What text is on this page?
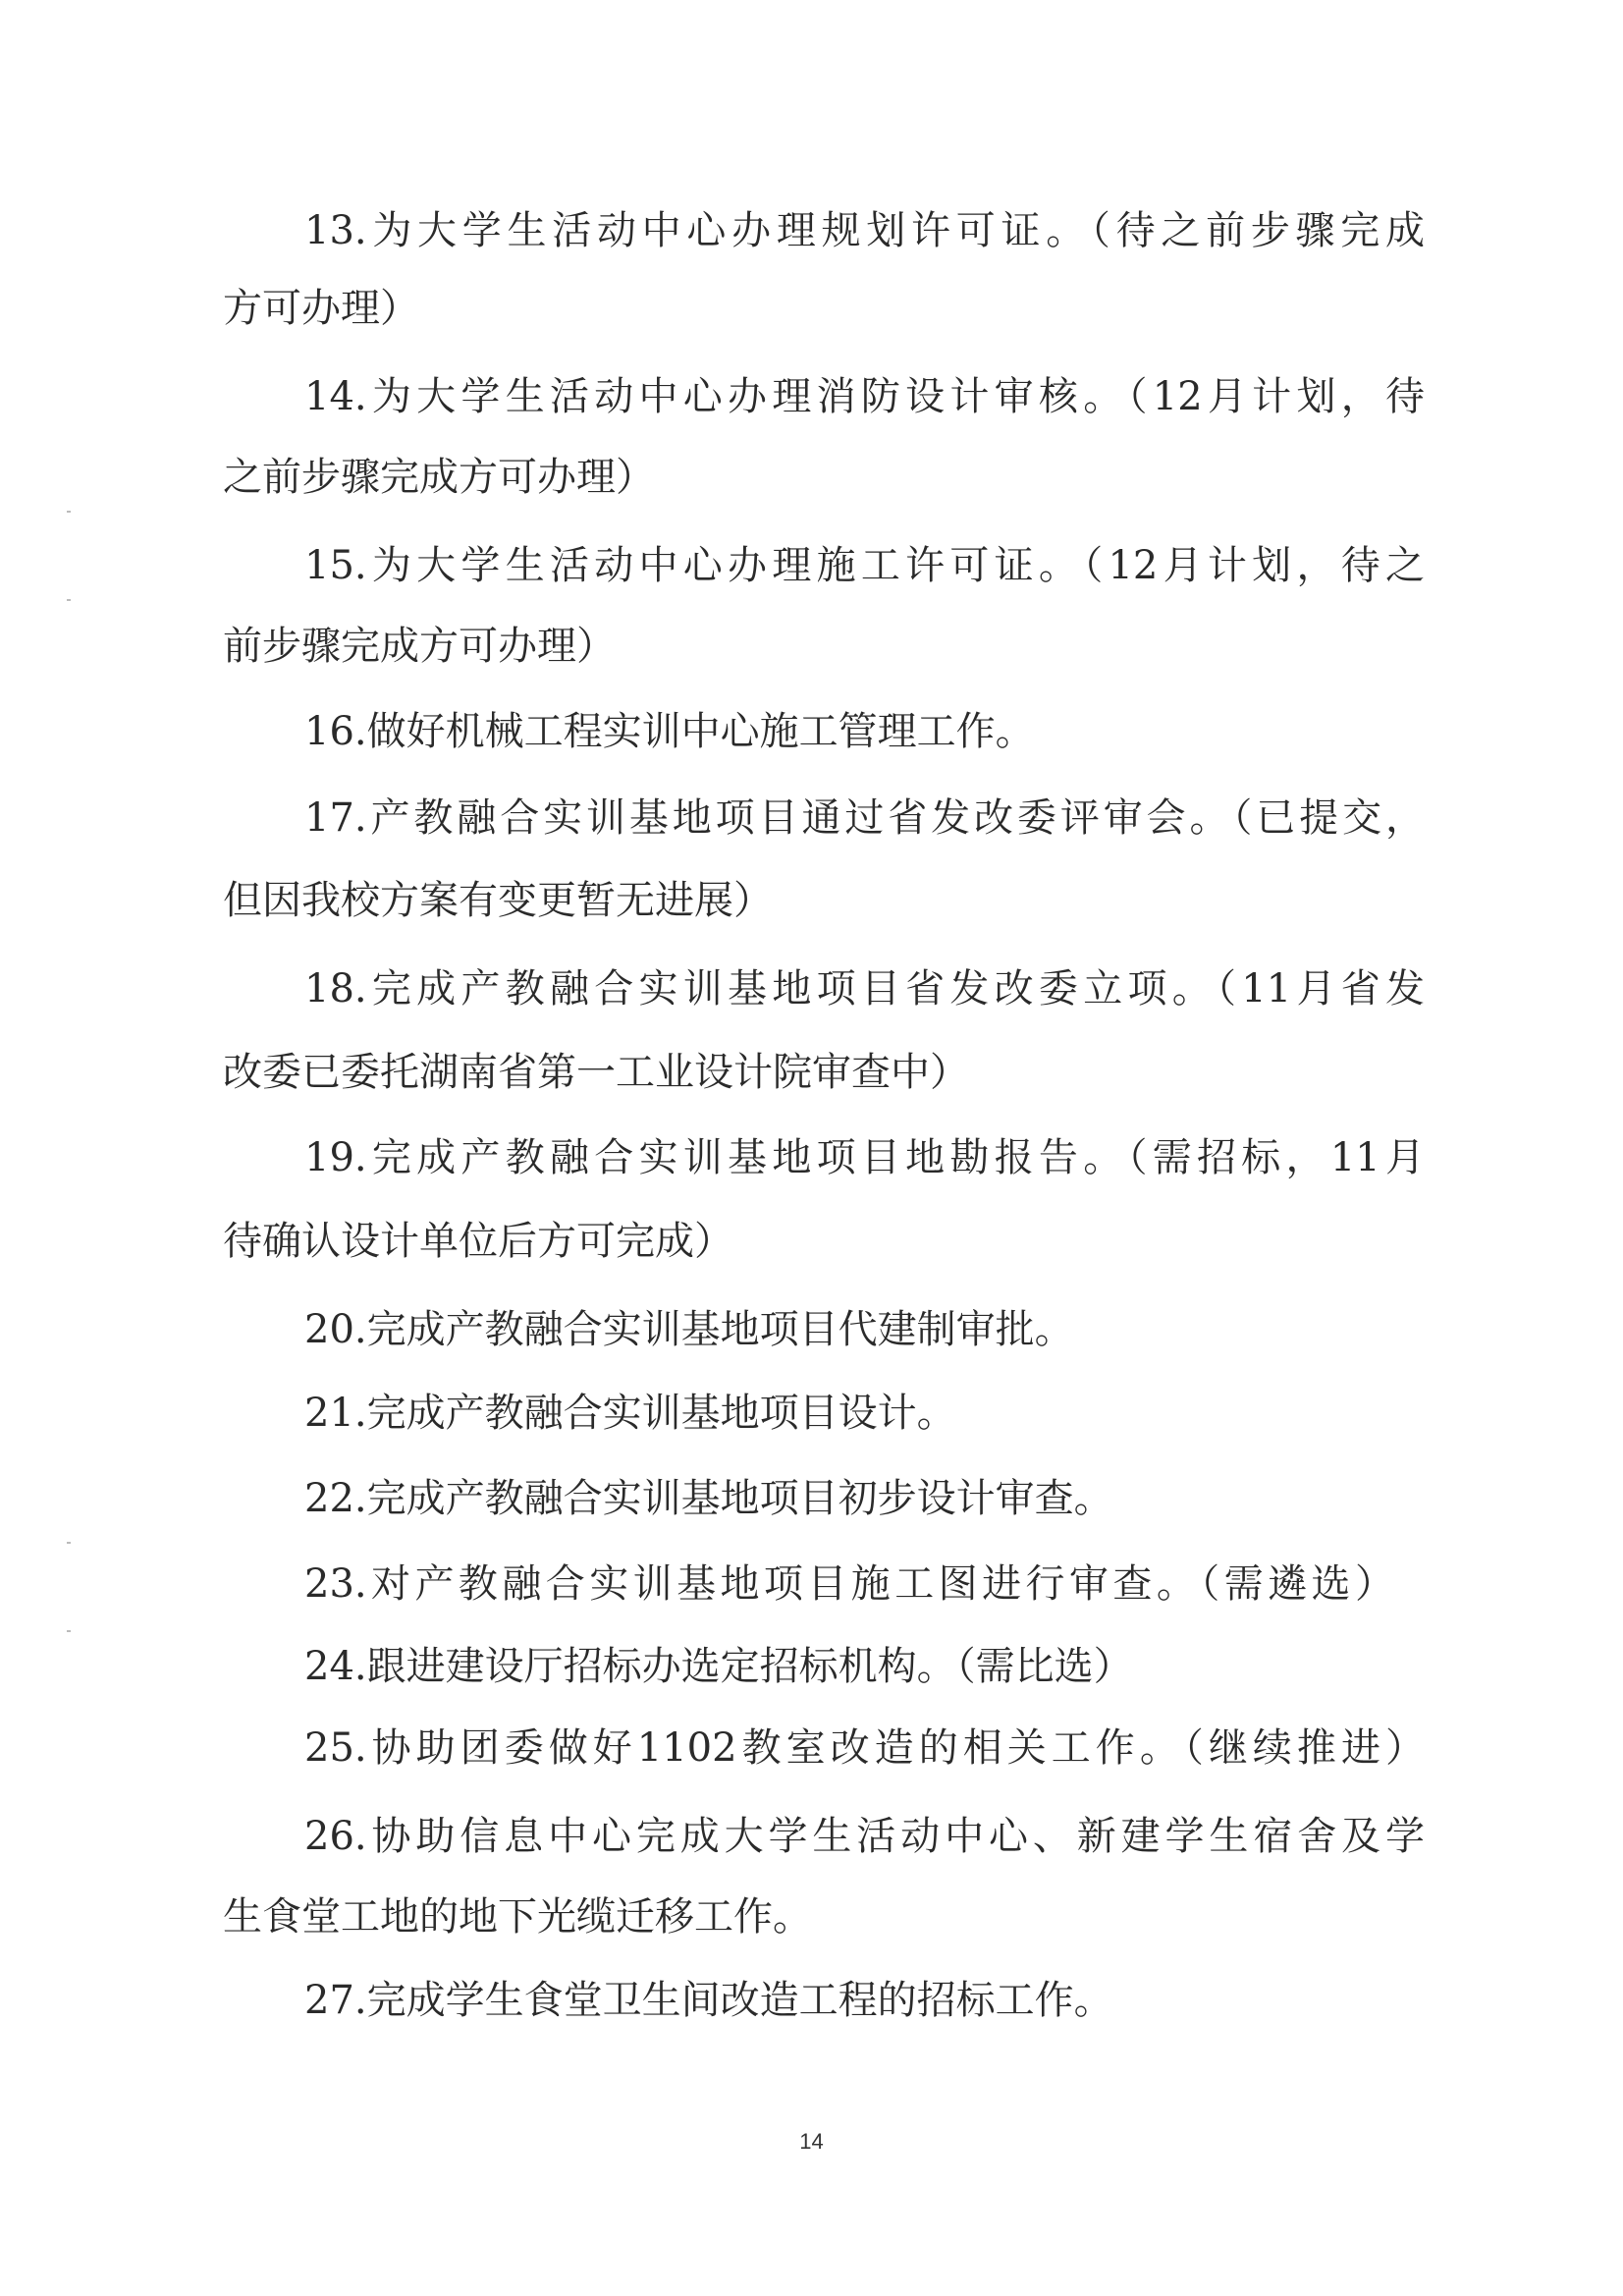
13.为大学生活动中心办理规划许可证。（待之前步骤完成
方可办理）
14.为大学生活动中心办理消防设计审核。（12月计划，待
之前步骤完成方可办理）
15.为大学生活动中心办理施工许可证。（12月计划，待之
前步骤完成方可办理）
16.做好机械工程实训中心施工管理工作。
17.产教融合实训基地项目通过省发改委评审会。（已提交，
但因我校方案有变更暂无进展）
18.完成产教融合实训基地项目省发改委立项。（11月省发
改委已委托湖南省第一工业设计院审查中）
19.完成产教融合实训基地项目地勘报告。（需招标，11月
待确认设计单位后方可完成）
20.完成产教融合实训基地项目代建制审批。
21.完成产教融合实训基地项目设计。
22.完成产教融合实训基地项目初步设计审查。
23.对产教融合实训基地项目施工图进行审查。（需遴选）
24.跟进建设厅招标办选定招标机构。（需比选）
25.协助团委做好1102教室改造的相关工作。（继续推进）
26.协助信息中心完成大学生活动中心、新建学生宿舍及学
生食堂工地的地下光缆迁移工作。
27.完成学生食堂卫生间改造工程的招标工作。
14
